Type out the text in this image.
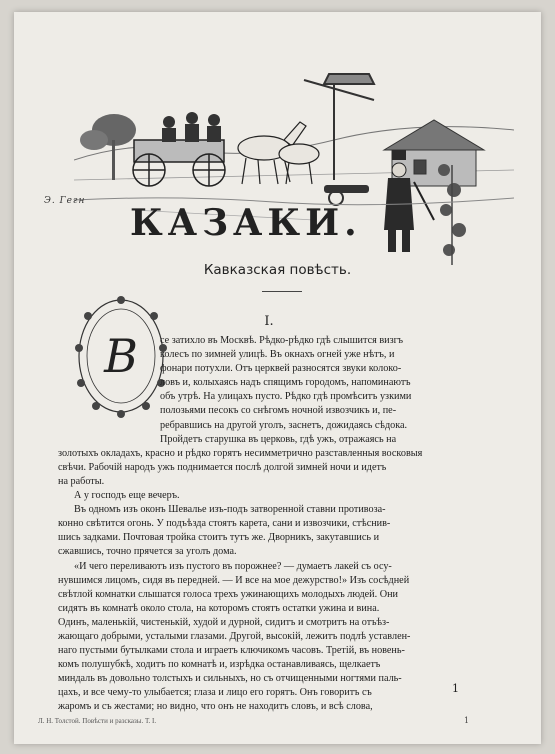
Э. Гегн
КАЗАКИ.
Кавказская повѣсть.
В
I.
се затихло въ Москвѣ. Рѣдко-рѣдко гдѣ слышится визгъ
колесъ по зимней улицѣ. Въ окнахъ огней уже нѣтъ, и
фонари потухли. Отъ церквей разносятся звуки колоко-
ловъ и, колыхаясь надъ спящимъ городомъ, напоминаютъ
объ утрѣ. На улицахъ пусто. Рѣдко гдѣ промѣситъ узкими
полозьями песокъ со снѣгомъ ночной извозчикъ и, пе-
ребравшись на другой уголъ, заснетъ, дожидаясь сѣдока.
Пройдетъ старушка въ церковь, гдѣ ужъ, отражаясь на
золотыхъ окладахъ, красно и рѣдко горятъ несимметрично разставленныя восковыя
свѣчи. Рабочій народъ ужъ поднимается послѣ долгой зимней ночи и идетъ
на работы.
А у господъ еще вечеръ.
Въ одномъ изъ оконъ Шевалье изъ-подъ затворенной ставни противоза-
конно свѣтится огонь. У подъѣзда стоятъ карета, сани и извозчики, стѣснив-
шись задками. Почтовая тройка стоитъ тутъ же. Дворникъ, закутавшись и
сжавшись, точно прячется за уголъ дома.
«И чего переливаютъ изъ пустого въ порожнее? — думаетъ лакей съ осу-
нувшимся лицомъ, сидя въ передней. — И все на мое дежурство!» Изъ сосѣдней
свѣтлой комнатки слышатся голоса трехъ ужинающихъ молодыхъ людей. Они
сидятъ въ комнатѣ около стола, на которомъ стоятъ остатки ужина и вина.
Одинъ, маленькій, чистенькій, худой и дурной, сидитъ и смотритъ на отъѣз-
жающаго добрыми, усталыми глазами. Другой, высокій, лежитъ подлѣ уставлен-
наго пустыми бутылками стола и играетъ ключикомъ часовъ. Третій, въ новень-
комъ полушубкѣ, ходитъ по комнатѣ и, изрѣдка останавливаясь, щелкаетъ
миндаль въ довольно толстыхъ и сильныхъ, но съ отчищенными ногтями паль-
цахъ, и все чему-то улыбается; глаза и лицо его горятъ. Онъ говоритъ съ
жаромъ и съ жестами; но видно, что онъ не находитъ словъ, и всѣ слова,
1
Л. Н. Толстой. Повѣсти и разсказы. Т. I.	1
